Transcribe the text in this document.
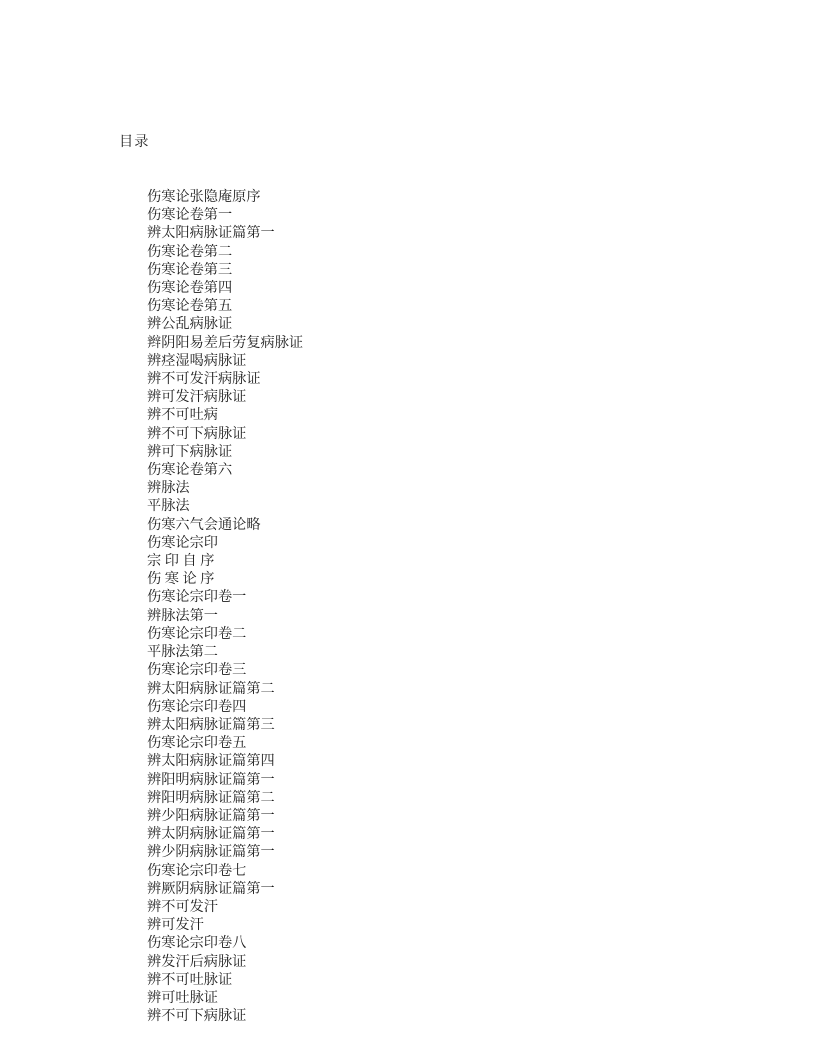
目录

伤寒论张隐庵原序
伤寒论卷第一
辨太阳病脉证篇第一
伤寒论卷第二
伤寒论卷第三
伤寒论卷第四
伤寒论卷第五
辨公乱病脉证
辫阴阳易差后劳复病脉证
辨痉湿喝病脉证
辨不可发汗病脉证
辨可发汗病脉证
辨不可吐病
辨不可下病脉证
辨可下病脉证
伤寒论卷第六
辨脉法
平脉法
伤寒六气会通论略
伤寒论宗印
宗 印 自 序
伤 寒 论 序
伤寒论宗印卷一
辨脉法第一
伤寒论宗印卷二
平脉法第二
伤寒论宗印卷三
辨太阳病脉证篇第二
伤寒论宗印卷四
辨太阳病脉证篇第三
伤寒论宗印卷五
辨太阳病脉证篇第四
辨阳明病脉证篇第一
辨阳明病脉证篇第二
辨少阳病脉证篇第一
辨太阴病脉证篇第一
辨少阴病脉证篇第一
伤寒论宗印卷七
辨厥阴病脉证篇第一
辨不可发汗
辨可发汗
伤寒论宗印卷八
辨发汗后病脉证
辨不可吐脉证
辨可吐脉证
辨不可下病脉证
